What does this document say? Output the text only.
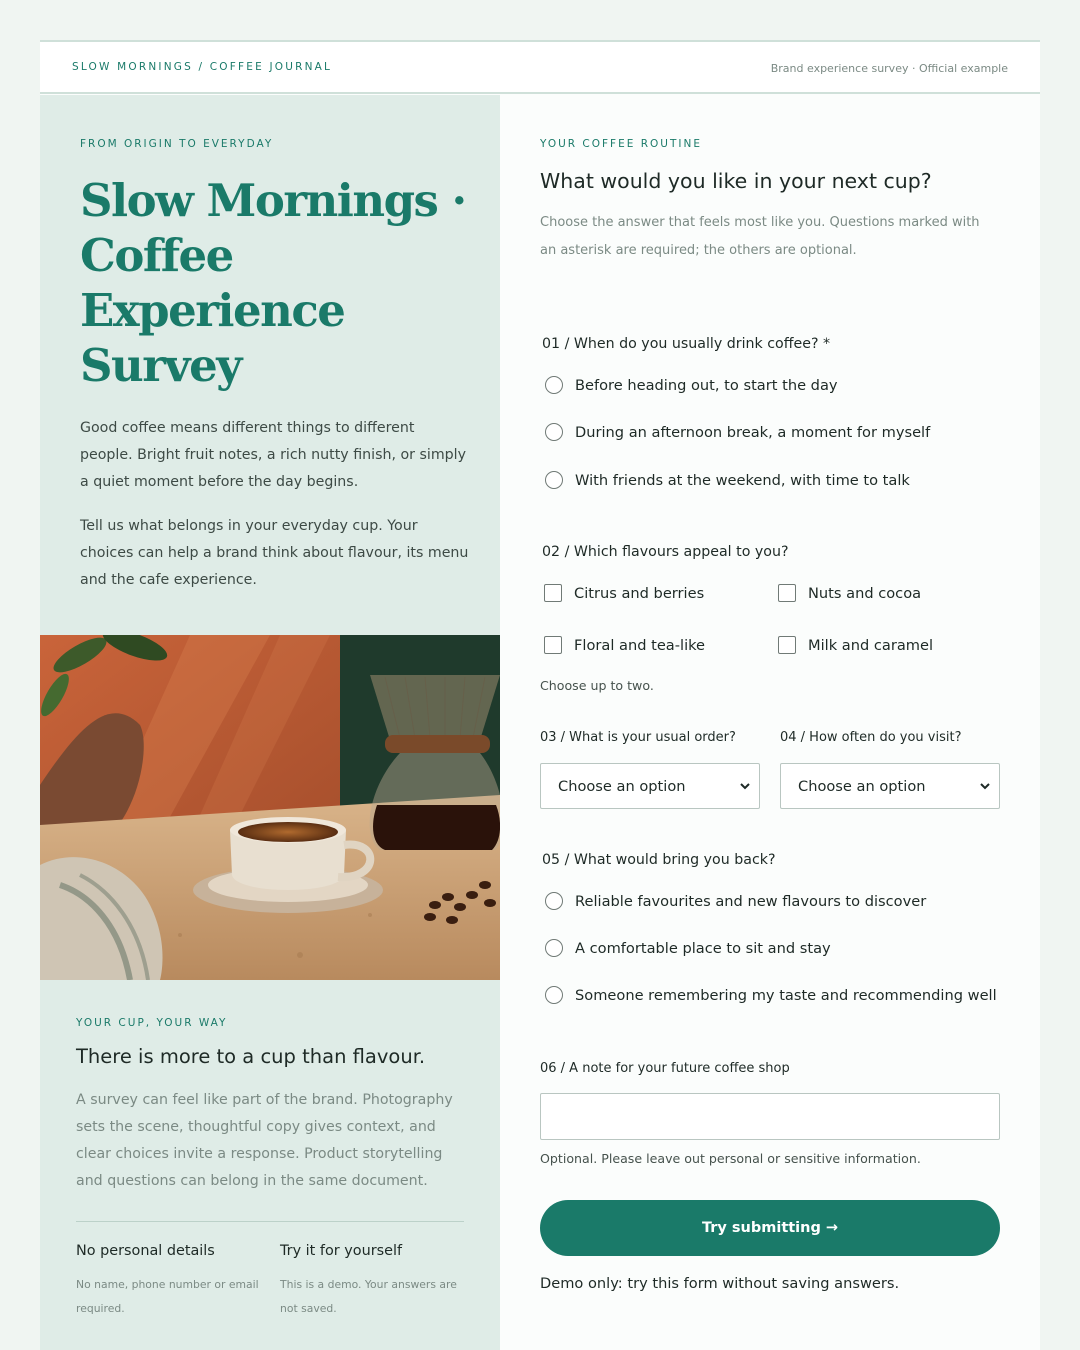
SLOW MORNINGS / COFFEE JOURNAL	Brand experience survey · Official example
FROM ORIGIN TO EVERYDAY
Slow Mornings · Coffee Experience Survey

Good coffee means different things to different people. Bright fruit notes, a rich nutty finish, or simply a quiet moment before the day begins.

Tell us what belongs in your everyday cup. Your choices can help a brand think about flavour, its menu and the cafe experience.

YOUR CUP, YOUR WAY
There is more to a cup than flavour.

A survey can feel like part of the brand. Photography sets the scene, thoughtful copy gives context, and clear choices invite a response. Product storytelling and questions can belong in the same document.

No personal details
No name, phone number or email required.
Try it for yourself
This is a demo. Your answers are not saved.
YOUR COFFEE ROUTINE
What would you like in your next cup?

Choose the answer that feels most like you. Questions marked with an asterisk are required; the others are optional.

01 / When do you usually drink coffee? *
Before heading out, to start the day
During an afternoon break, a moment for myself
With friends at the weekend, with time to talk
02 / Which flavours appeal to you?
Citrus and berries	Nuts and cocoa
Floral and tea-like	Milk and caramel
Choose up to two.
03 / What is your usual order?	04 / How often do you visit?
Choose an option	Choose an option
05 / What would bring you back?
Reliable favourites and new flavours to discover
A comfortable place to sit and stay
Someone remembering my taste and recommending well
06 / A note for your future coffee shop
Optional. Please leave out personal or sensitive information.
Try submitting →
Demo only: try this form without saving answers.
